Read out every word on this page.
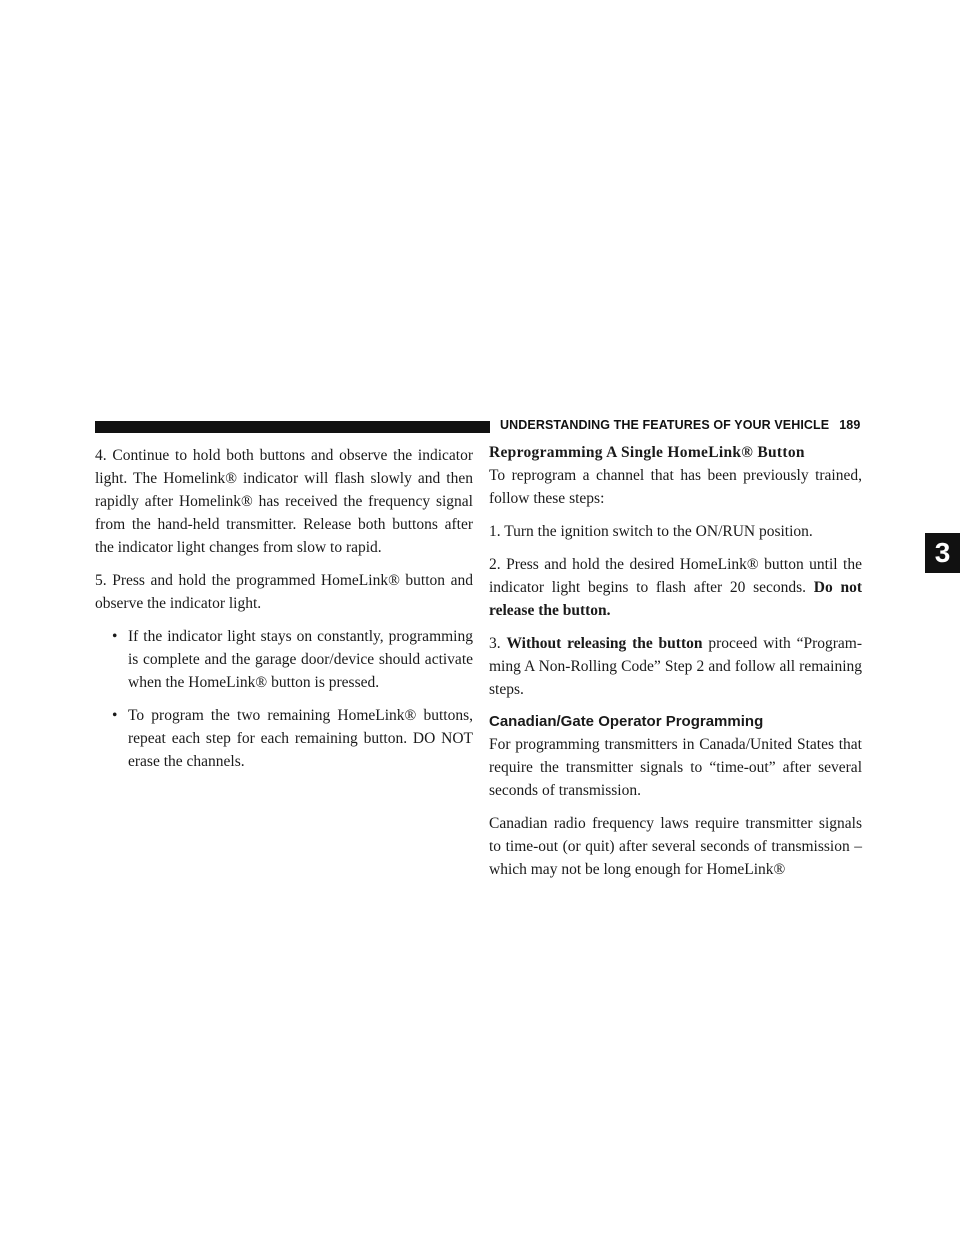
UNDERSTANDING THE FEATURES OF YOUR VEHICLE 189
3

4. Continue to hold both buttons and observe the indicator light. The Homelink® indicator will flash slowly and then rapidly after Homelink® has received the frequency signal from the hand-held transmitter. Release both buttons after the indicator light changes from slow to rapid.

5. Press and hold the programmed HomeLink® button and observe the indicator light.

• If the indicator light stays on constantly, programming is complete and the garage door/device should activate when the HomeLink® button is pressed.
• To program the two remaining HomeLink® buttons, repeat each step for each remaining button. DO NOT erase the channels.
Reprogramming A Single HomeLink® Button

To reprogram a channel that has been previously trained, follow these steps:

1. Turn the ignition switch to the ON/RUN position.

2. Press and hold the desired HomeLink® button until the indicator light begins to flash after 20 seconds. Do not release the button.

3. Without releasing the button proceed with “Programming A Non-Rolling Code” Step 2 and follow all remaining steps.

Canadian/Gate Operator Programming

For programming transmitters in Canada/United States that require the transmitter signals to “time-out” after several seconds of transmission.

Canadian radio frequency laws require transmitter signals to time-out (or quit) after several seconds of transmission – which may not be long enough for HomeLink®
